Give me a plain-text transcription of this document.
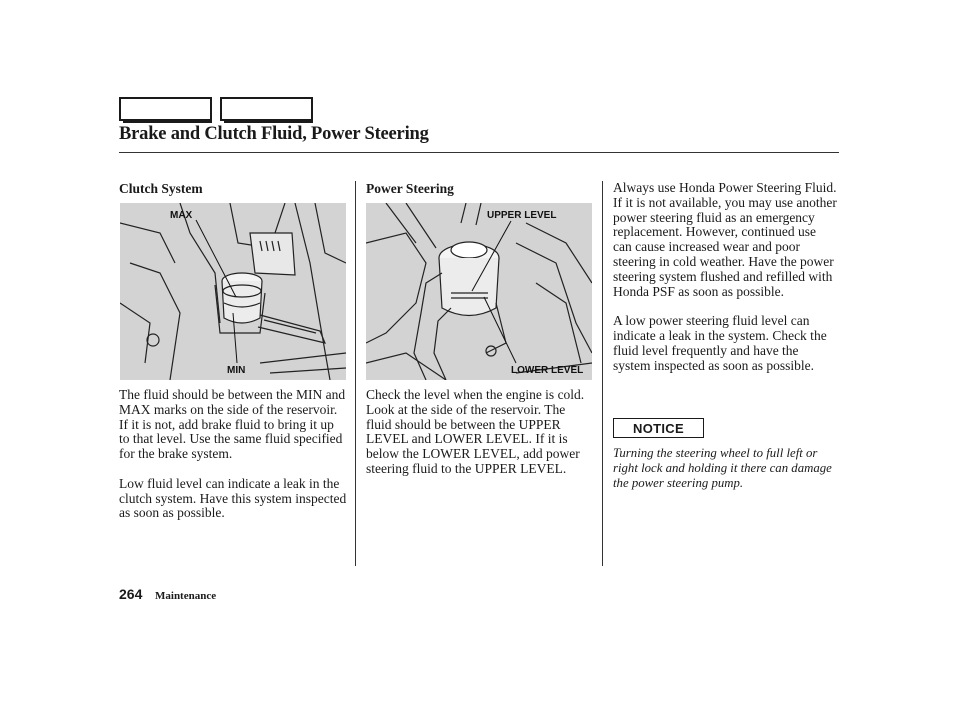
Brake and Clutch Fluid, Power Steering
Clutch System
MAX
MIN

The fluid should be between the MIN and MAX marks on the side of the reservoir. If it is not, add brake fluid to bring it up to that level. Use the same fluid specified for the brake system.

Low fluid level can indicate a leak in the clutch system. Have this system inspected as soon as possible.

Power Steering
UPPER LEVEL
LOWER LEVEL

Check the level when the engine is cold. Look at the side of the reservoir. The fluid should be between the UPPER LEVEL and LOWER LEVEL. If it is below the LOWER LEVEL, add power steering fluid to the UPPER LEVEL.

Always use Honda Power Steering Fluid. If it is not available, you may use another power steering fluid as an emergency replacement. However, continued use can cause increased wear and poor steering in cold weather. Have the power steering system flushed and refilled with Honda PSF as soon as possible.

A low power steering fluid level can indicate a leak in the system. Check the fluid level frequently and have the system inspected as soon as possible.

NOTICE
Turning the steering wheel to full left or right lock and holding it there can damage the power steering pump.
264 Maintenance
